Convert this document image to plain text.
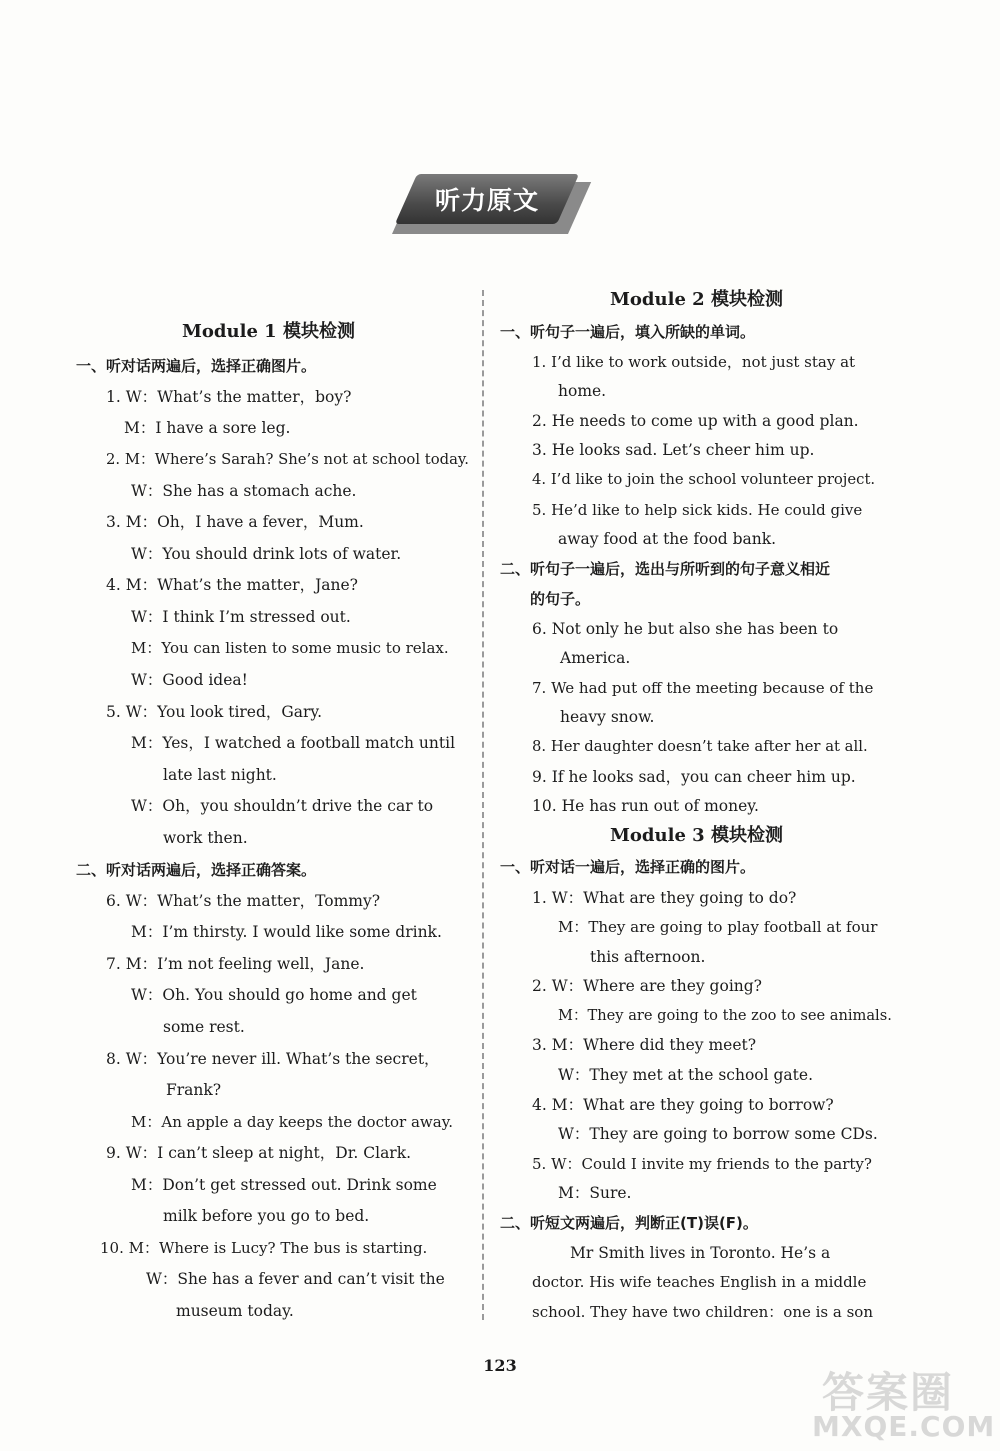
听力原文
Module 1 模块检测
一、听对话两遍后，选择正确图片。
1. W：What’s the matter，boy?
M：I have a sore leg.
2. M：Where’s Sarah? She’s not at school today.
W：She has a stomach ache.
3. M：Oh，I have a fever，Mum.
W：You should drink lots of water.
4. M：What’s the matter，Jane?
W：I think I’m stressed out.
M：You can listen to some music to relax.
W：Good idea!
5. W：You look tired，Gary.
M：Yes，I watched a football match until
late last night.
W：Oh，you shouldn’t drive the car to
work then.
二、听对话两遍后，选择正确答案。
6. W：What’s the matter，Tommy?
M：I’m thirsty. I would like some drink.
7. M：I’m not feeling well，Jane.
W：Oh. You should go home and get
some rest.
8. W：You’re never ill. What’s the secret，
Frank?
M：An apple a day keeps the doctor away.
9. W：I can’t sleep at night，Dr. Clark.
M：Don’t get stressed out. Drink some
milk before you go to bed.
10. M：Where is Lucy? The bus is starting.
W：She has a fever and can’t visit the
museum today.
Module 2 模块检测
一、听句子一遍后，填入所缺的单词。
1. I’d like to work outside，not just stay at
home.
2. He needs to come up with a good plan.
3. He looks sad. Let’s cheer him up.
4. I’d like to join the school volunteer project.
5. He’d like to help sick kids. He could give
away food at the food bank.
二、听句子一遍后，选出与所听到的句子意义相近
的句子。
6. Not only he but also she has been to
America.
7. We had put off the meeting because of the
heavy snow.
8. Her daughter doesn’t take after her at all.
9. If he looks sad，you can cheer him up.
10. He has run out of money.
Module 3 模块检测
一、听对话一遍后，选择正确的图片。
1. W：What are they going to do?
M：They are going to play football at four
this afternoon.
2. W：Where are they going?
M：They are going to the zoo to see animals.
3. M：Where did they meet?
W：They met at the school gate.
4. M：What are they going to borrow?
W：They are going to borrow some CDs.
5. W：Could I invite my friends to the party?
M：Sure.
二、听短文两遍后，判断正(T)误(F)。
Mr Smith lives in Toronto. He’s a
doctor. His wife teaches English in a middle
school. They have two children：one is a son
123
答案圈
MXQE.COM
